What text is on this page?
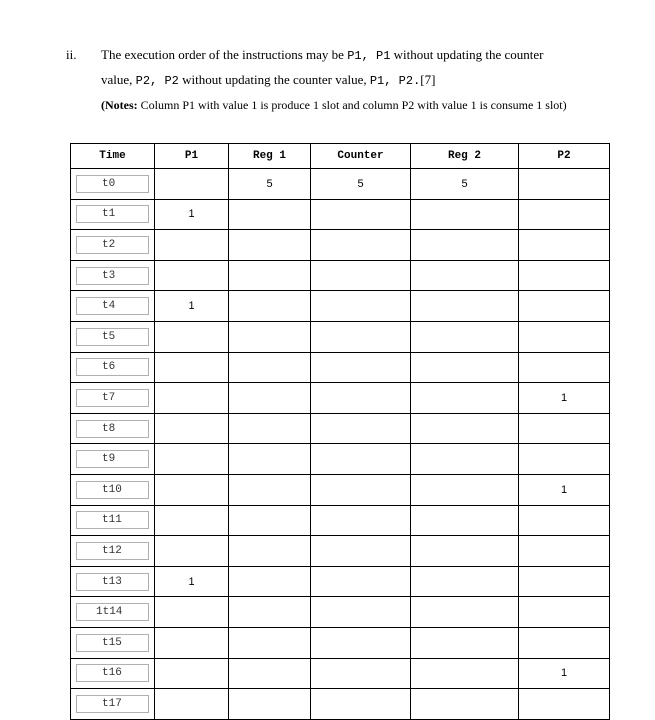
ii. The execution order of the instructions may be P1, P1 without updating the counter
value, P2, P2 without updating the counter value, P1, P2.[7]
(Notes: Column P1 with value 1 is produce 1 slot and column P2 with value 1 is consume 1 slot)
Time	P1	Reg 1	Counter	Reg 2	P2

t0		5	5	5	

t1	1				

t2					

t3					

t4	1				

t5					

t6					

t7					1

t8					

t9					

t10					1

t11					

t12					

t13	1				

1t14					

t15					

t16					1

t17					
